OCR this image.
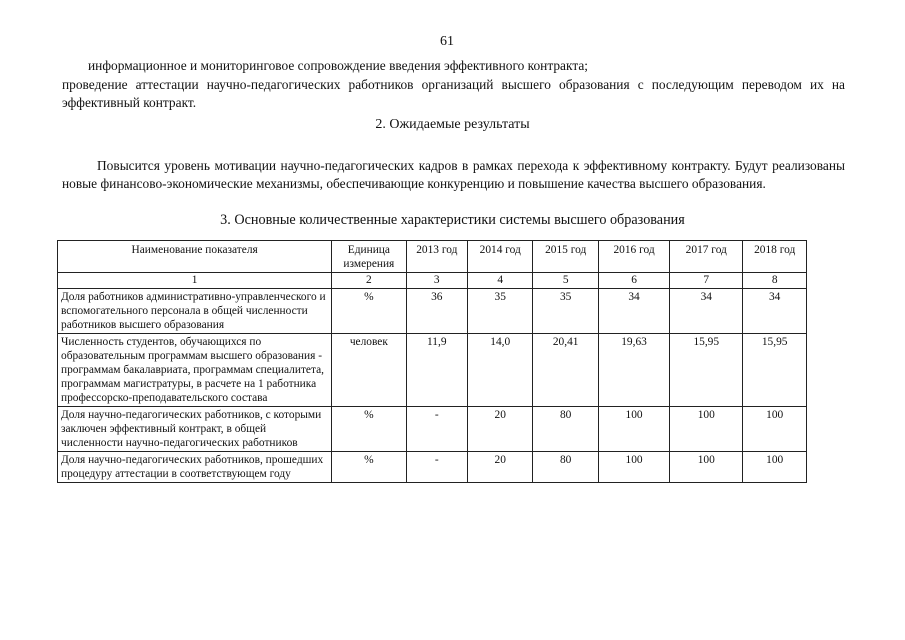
61

информационное и мониторинговое сопровождение введения эффективного контракта;

проведение аттестации научно-педагогических работников организаций высшего образования с последующим переводом их на эффективный контракт.

2. Ожидаемые результаты

Повысится уровень мотивации научно-педагогических кадров в рамках перехода к эффективному контракту. Будут реализованы новые финансово-экономические механизмы, обеспечивающие конкуренцию и повышение качества высшего образования.

3. Основные количественные характеристики системы высшего образования
Наименование показателя	Единица измерения	2013 год	2014 год	2015 год	2016 год	2017 год	2018 год
1	2	3	4	5	6	7	8
Доля работников административно-управленческого и вспомогательного персонала в общей численности работников высшего образования	%	36	35	35	34	34	34
Численность студентов, обучающихся по образовательным программам высшего образования - программам бакалавриата, программам специалитета, программам магистратуры, в расчете на 1 работника профессорско-преподавательского состава	человек	11,9	14,0	20,41	19,63	15,95	15,95
Доля научно-педагогических работников, с которыми заключен эффективный контракт, в общей численности научно-педагогических работников	%	-	20	80	100	100	100
Доля научно-педагогических работников, прошедших процедуру аттестации в соответствующем году	%	-	20	80	100	100	100
